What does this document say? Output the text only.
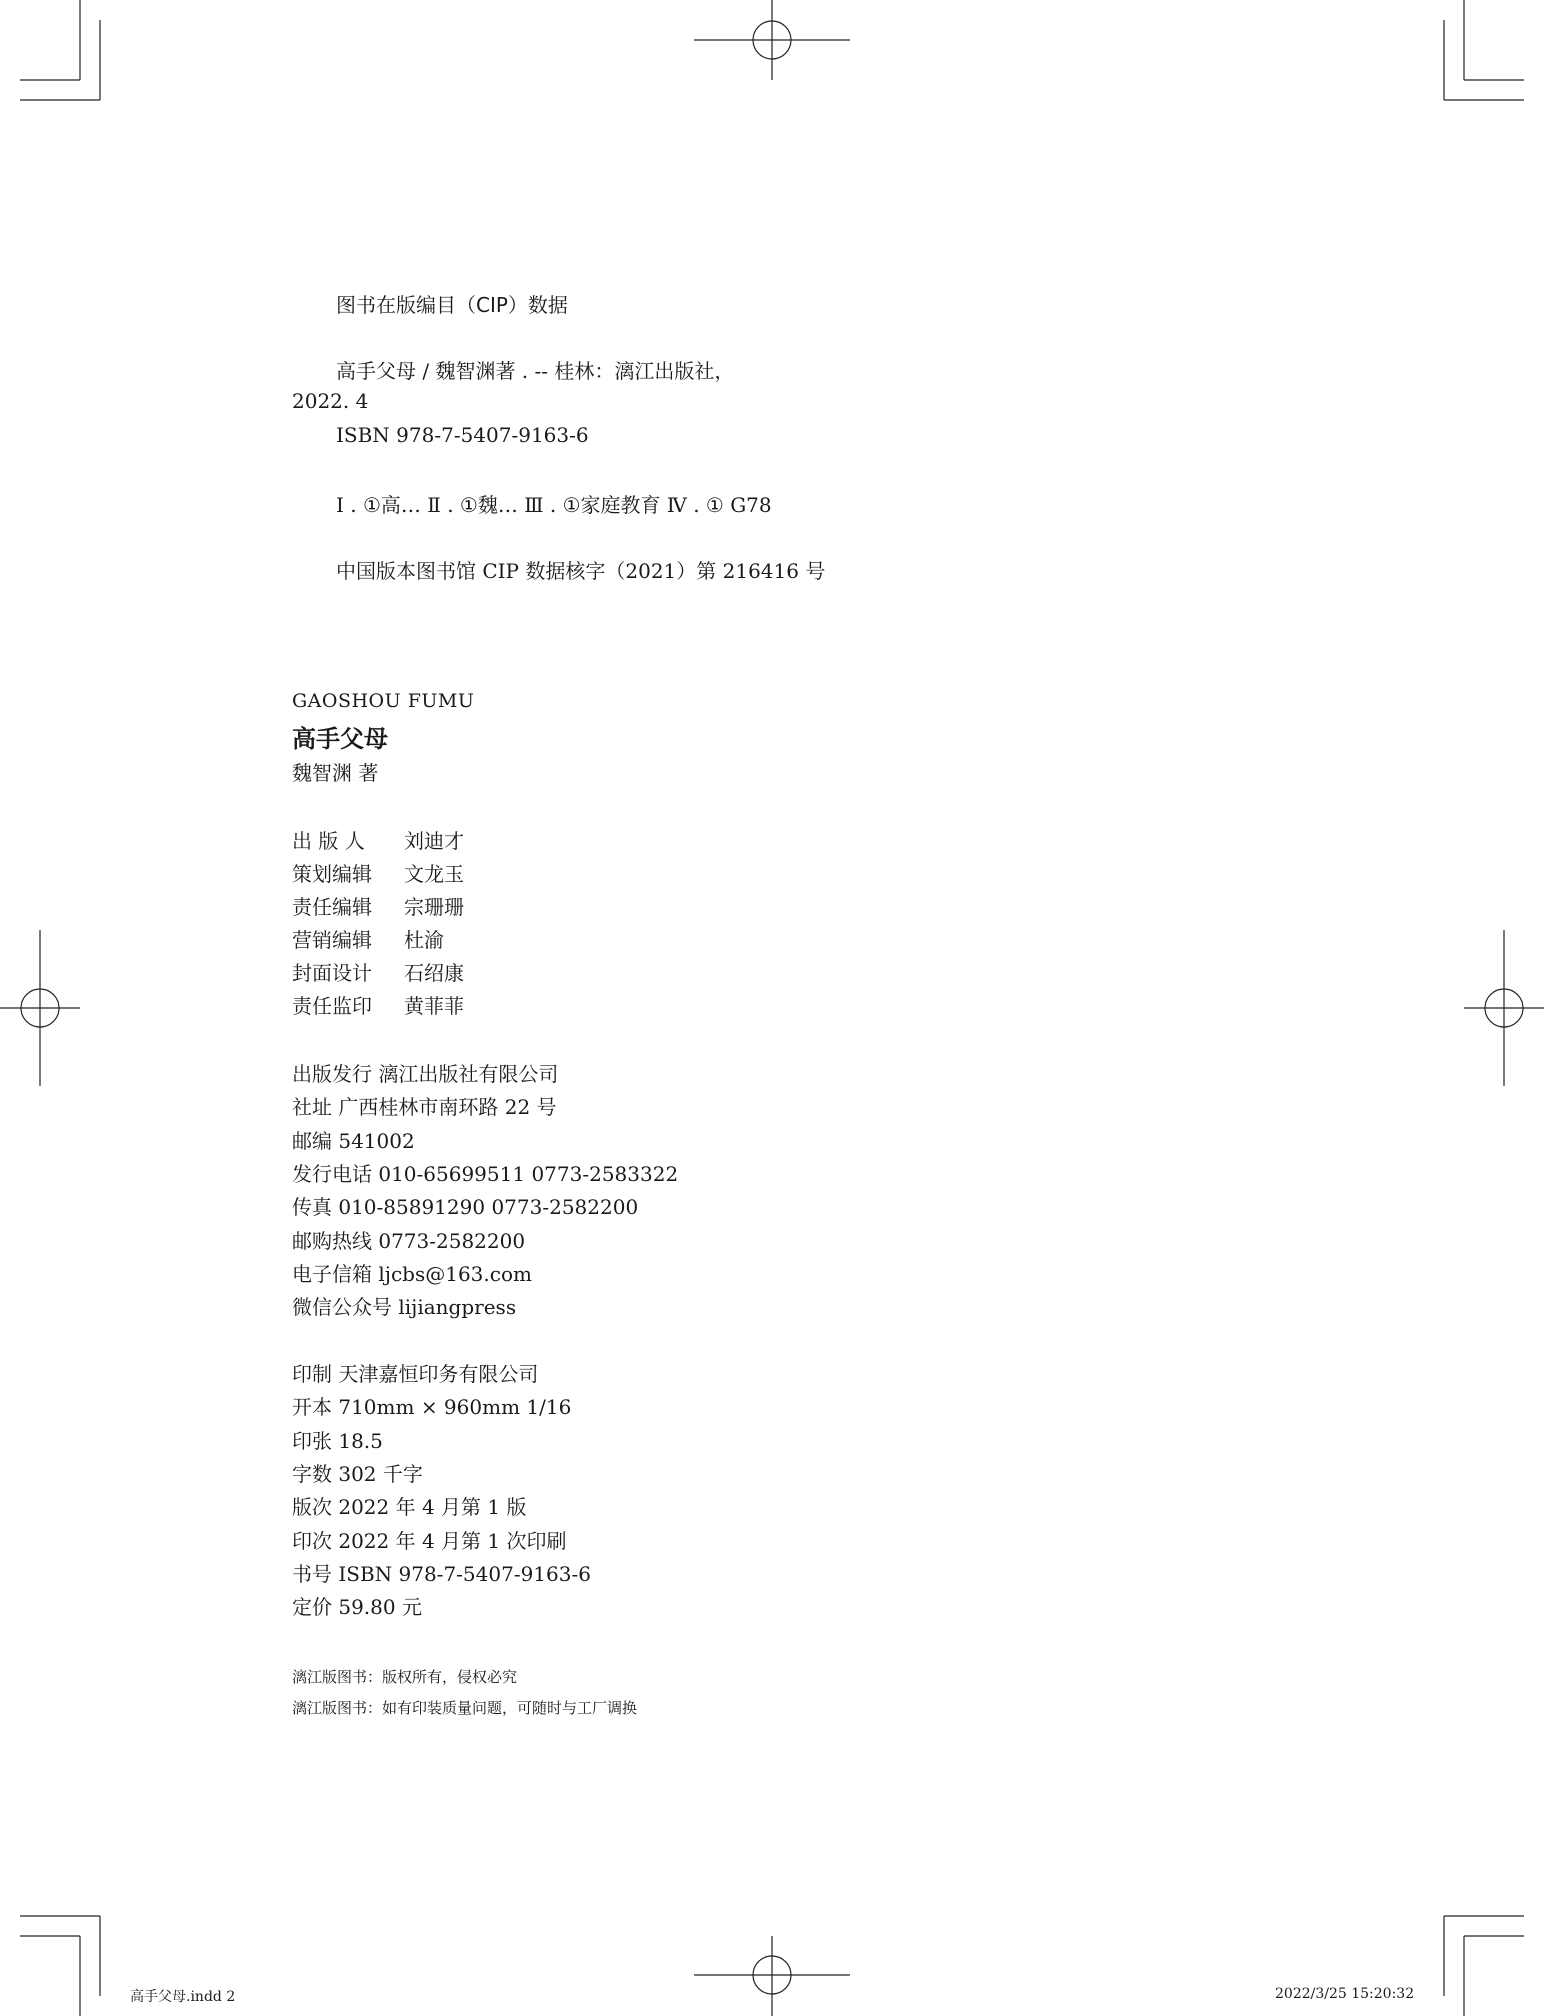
图书在版编目（CIP）数据
高手父母 / 魏智渊著 . -- 桂林：漓江出版社，
2022. 4
ISBN 978-7-5407-9163-6
Ⅰ . ①高… Ⅱ . ①魏… Ⅲ . ①家庭教育 Ⅳ . ① G78
中国版本图书馆 CIP 数据核字（2021）第 216416 号
GAOSHOU FUMU
高手父母
魏智渊 著
出 版 人 刘迪才
策划编辑 文龙玉
责任编辑 宗珊珊
营销编辑 杜渝
封面设计 石绍康
责任监印 黄菲菲
出版发行 漓江出版社有限公司
社址 广西桂林市南环路 22 号
邮编 541002
发行电话 010-65699511 0773-2583322
传真 010-85891290 0773-2582200
邮购热线 0773-2582200
电子信箱 ljcbs@163.com
微信公众号 lijiangpress
印制 天津嘉恒印务有限公司
开本 710mm × 960mm 1/16
印张 18.5
字数 302 千字
版次 2022 年 4 月第 1 版
印次 2022 年 4 月第 1 次印刷
书号 ISBN 978-7-5407-9163-6
定价 59.80 元
漓江版图书：版权所有，侵权必究
漓江版图书：如有印装质量问题，可随时与工厂调换
高手父母.indd 2	2022/3/25 15:20:32
